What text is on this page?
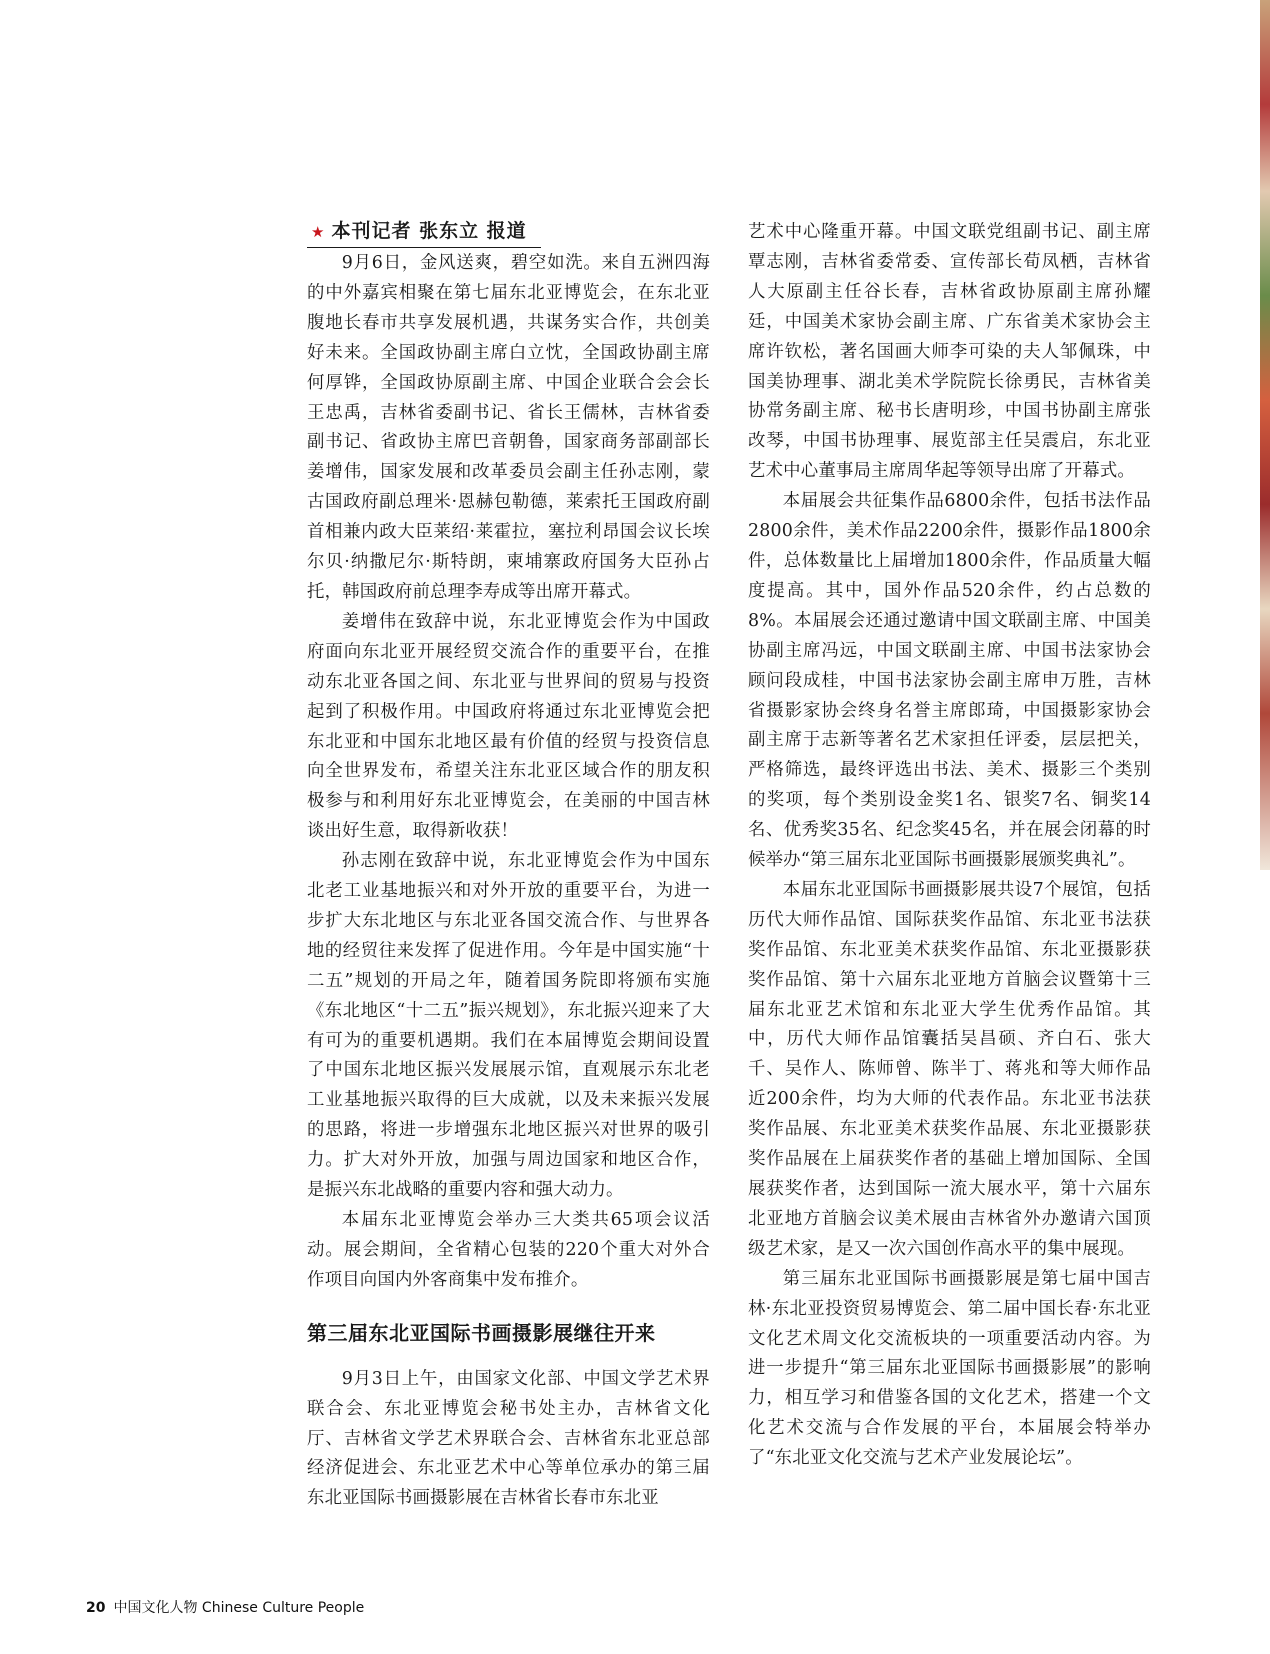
★ 本刊记者 张东立 报道

9月6日，金风送爽，碧空如洗。来自五洲四海的中外嘉宾相聚在第七届东北亚博览会，在东北亚腹地长春市共享发展机遇，共谋务实合作，共创美好未来。全国政协副主席白立忱，全国政协副主席何厚铧，全国政协原副主席、中国企业联合会会长王忠禹，吉林省委副书记、省长王儒林，吉林省委副书记、省政协主席巴音朝鲁，国家商务部副部长姜增伟，国家发展和改革委员会副主任孙志刚，蒙古国政府副总理米·恩赫包勒德，莱索托王国政府副首相兼内政大臣莱绍·莱霍拉，塞拉利昂国会议长埃尔贝·纳撒尼尔·斯特朗，柬埔寨政府国务大臣孙占托，韩国政府前总理李寿成等出席开幕式。

姜增伟在致辞中说，东北亚博览会作为中国政府面向东北亚开展经贸交流合作的重要平台，在推动东北亚各国之间、东北亚与世界间的贸易与投资起到了积极作用。中国政府将通过东北亚博览会把东北亚和中国东北地区最有价值的经贸与投资信息向全世界发布，希望关注东北亚区域合作的朋友积极参与和利用好东北亚博览会，在美丽的中国吉林谈出好生意，取得新收获！

孙志刚在致辞中说，东北亚博览会作为中国东北老工业基地振兴和对外开放的重要平台，为进一步扩大东北地区与东北亚各国交流合作、与世界各地的经贸往来发挥了促进作用。今年是中国实施“十二五”规划的开局之年，随着国务院即将颁布实施《东北地区“十二五”振兴规划》，东北振兴迎来了大有可为的重要机遇期。我们在本届博览会期间设置了中国东北地区振兴发展展示馆，直观展示东北老工业基地振兴取得的巨大成就，以及未来振兴发展的思路，将进一步增强东北地区振兴对世界的吸引力。扩大对外开放，加强与周边国家和地区合作，是振兴东北战略的重要内容和强大动力。

本届东北亚博览会举办三大类共65项会议活动。展会期间，全省精心包装的220个重大对外合作项目向国内外客商集中发布推介。

第三届东北亚国际书画摄影展继往开来

9月3日上午，由国家文化部、中国文学艺术界联合会、东北亚博览会秘书处主办，吉林省文化厅、吉林省文学艺术界联合会、吉林省东北亚总部经济促进会、东北亚艺术中心等单位承办的第三届东北亚国际书画摄影展在吉林省长春市东北亚

艺术中心隆重开幕。中国文联党组副书记、副主席覃志刚，吉林省委常委、宣传部长荀凤栖，吉林省人大原副主任谷长春，吉林省政协原副主席孙耀廷，中国美术家协会副主席、广东省美术家协会主席许钦松，著名国画大师李可染的夫人邹佩珠，中国美协理事、湖北美术学院院长徐勇民，吉林省美协常务副主席、秘书长唐明珍，中国书协副主席张改琴，中国书协理事、展览部主任吴震启，东北亚艺术中心董事局主席周华起等领导出席了开幕式。

本届展会共征集作品6800余件，包括书法作品2800余件，美术作品2200余件，摄影作品1800余件，总体数量比上届增加1800余件，作品质量大幅度提高。其中，国外作品520余件，约占总数的8%。本届展会还通过邀请中国文联副主席、中国美协副主席冯远，中国文联副主席、中国书法家协会顾问段成桂，中国书法家协会副主席申万胜，吉林省摄影家协会终身名誉主席郎琦，中国摄影家协会副主席于志新等著名艺术家担任评委，层层把关，严格筛选，最终评选出书法、美术、摄影三个类别的奖项，每个类别设金奖1名、银奖7名、铜奖14名、优秀奖35名、纪念奖45名，并在展会闭幕的时候举办“第三届东北亚国际书画摄影展颁奖典礼”。

本届东北亚国际书画摄影展共设7个展馆，包括历代大师作品馆、国际获奖作品馆、东北亚书法获奖作品馆、东北亚美术获奖作品馆、东北亚摄影获奖作品馆、第十六届东北亚地方首脑会议暨第十三届东北亚艺术馆和东北亚大学生优秀作品馆。其中，历代大师作品馆囊括吴昌硕、齐白石、张大千、吴作人、陈师曾、陈半丁、蒋兆和等大师作品近200余件，均为大师的代表作品。东北亚书法获奖作品展、东北亚美术获奖作品展、东北亚摄影获奖作品展在上届获奖作者的基础上增加国际、全国展获奖作者，达到国际一流大展水平，第十六届东北亚地方首脑会议美术展由吉林省外办邀请六国顶级艺术家，是又一次六国创作高水平的集中展现。

第三届东北亚国际书画摄影展是第七届中国吉林·东北亚投资贸易博览会、第二届中国长春·东北亚文化艺术周文化交流板块的一项重要活动内容。为进一步提升“第三届东北亚国际书画摄影展”的影响力，相互学习和借鉴各国的文化艺术，搭建一个文化艺术交流与合作发展的平台，本届展会特举办了“东北亚文化交流与艺术产业发展论坛”。

20 中国文化人物 Chinese Culture People
